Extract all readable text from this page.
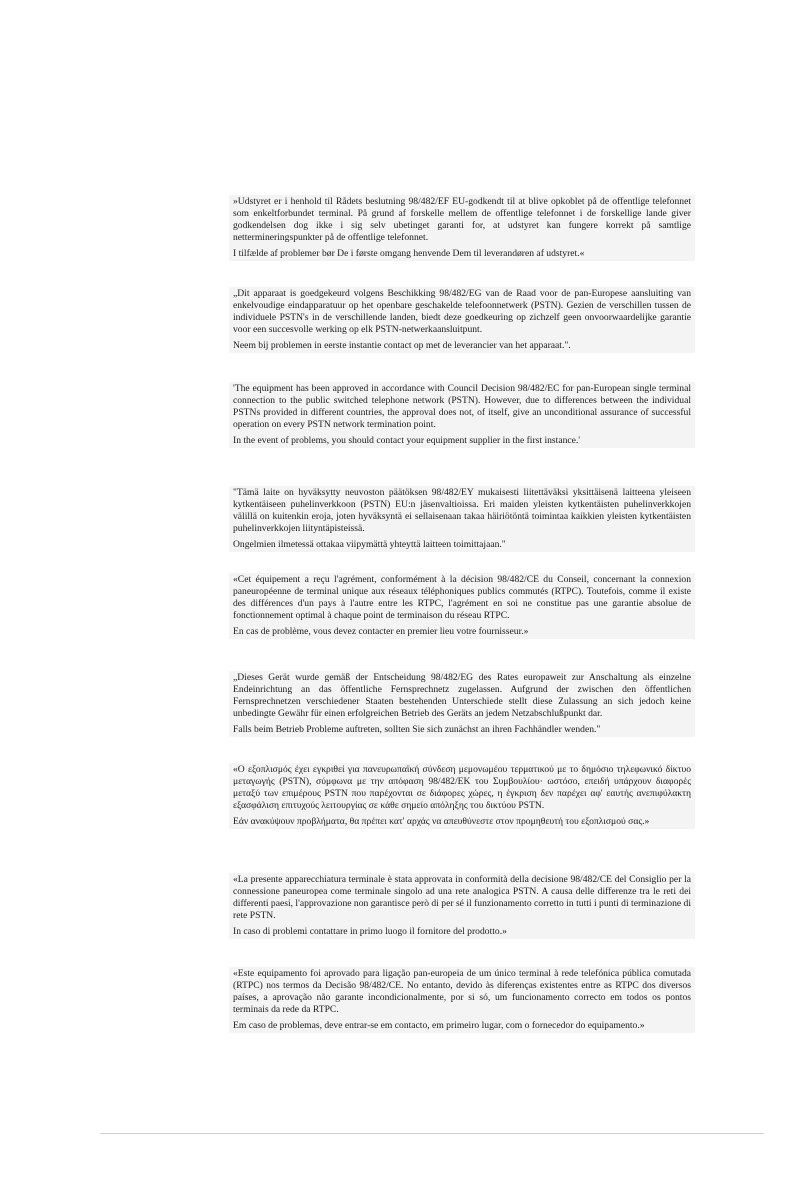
»Udstyret er i henhold til Rådets beslutning 98/482/EF EU-godkendt til at blive opkoblet på de offentlige telefonnet som enkeltforbundet terminal. På grund af forskelle mellem de offentlige telefonnet i de forskellige lande giver godkendelsen dog ikke i sig selv ubetinget garanti for, at udstyret kan fungere korrekt på samtlige nettermineringspunkter på de offentlige telefonnet.

I tilfælde af problemer bør De i første omgang henvende Dem til leverandøren af udstyret.«

„Dit apparaat is goedgekeurd volgens Beschikking 98/482/EG van de Raad voor de pan-Europese aansluiting van enkelvoudige eindapparatuur op het openbare geschakelde telefoonnetwerk (PSTN). Gezien de verschillen tussen de individuele PSTN's in de verschillende landen, biedt deze goedkeuring op zichzelf geen onvoorwaardelijke garantie voor een succesvolle werking op elk PSTN-netwerkaansluitpunt.

Neem bij problemen in eerste instantie contact op met de leverancier van het apparaat.".

'The equipment has been approved in accordance with Council Decision 98/482/EC for pan-European single terminal connection to the public switched telephone network (PSTN). However, due to differences between the individual PSTNs provided in different countries, the approval does not, of itself, give an unconditional assurance of successful operation on every PSTN network termination point.

In the event of problems, you should contact your equipment supplier in the first instance.'

"Tämä laite on hyväksytty neuvoston päätöksen 98/482/EY mukaisesti liitettäväksi yksittäisenä laitteena yleiseen kytkentäiseen puhelinverkkoon (PSTN) EU:n jäsenvaltioissa. Eri maiden yleisten kytkentäisten puhelinverkkojen välillä on kuitenkin eroja, joten hyväksyntä ei sellaisenaan takaa häiriötöntä toimintaa kaikkien yleisten kytkentäisten puhelinverkkojen liityntäpisteissä.

Ongelmien ilmetessä ottakaa viipymättä yhteyttä laitteen toimittajaan."

«Cet équipement a reçu l'agrément, conformément à la décision 98/482/CE du Conseil, concernant la connexion paneuropéenne de terminal unique aux réseaux téléphoniques publics commutés (RTPC). Toutefois, comme il existe des différences d'un pays à l'autre entre les RTPC, l'agrément en soi ne constitue pas une garantie absolue de fonctionnement optimal à chaque point de terminaison du réseau RTPC.

En cas de problème, vous devez contacter en premier lieu votre fournisseur.»

„Dieses Gerät wurde gemäß der Entscheidung 98/482/EG des Rates europaweit zur Anschaltung als einzelne Endeinrichtung an das öffentliche Fernsprechnetz zugelassen. Aufgrund der zwischen den öffentlichen Fernsprechnetzen verschiedener Staaten bestehenden Unterschiede stellt diese Zulassung an sich jedoch keine unbedingte Gewähr für einen erfolgreichen Betrieb des Geräts an jedem Netzabschlußpunkt dar.

Falls beim Betrieb Probleme auftreten, sollten Sie sich zunächst an ihren Fachhändler wenden."

«Ο εξοπλισμός έχει εγκριθεί για πανευρωπαϊκή σύνδεση μεμονωμέου τερματικού με το δημόσιο τηλεφωνικό δίκτυο μεταγωγής (PSTN), σύμφωνα με την απόφαση 98/482/ΕΚ του Συμβουλίου· ωστόσο, επειδή υπάρχουν διαφορές μεταξύ των επιμέρους PSTN που παρέχονται σε διάφορες χώρες, η έγκριση δεν παρέχει αφ' εαυτής ανεπιφύλακτη εξασφάλιση επιτυχούς λειτουργίας σε κάθε σημείο απόληξης του δικτύου PSTN.

Εάν ανακύψουν προβλήματα, θα πρέπει κατ' αρχάς να απευθύνεστε στον προμηθευτή του εξοπλισμού σας.»

«La presente apparecchiatura terminale è stata approvata in conformità della decisione 98/482/CE del Consiglio per la connessione paneuropea come terminale singolo ad una rete analogica PSTN. A causa delle differenze tra le reti dei differenti paesi, l'approvazione non garantisce però di per sé il funzionamento corretto in tutti i punti di terminazione di rete PSTN.

In caso di problemi contattare in primo luogo il fornitore del prodotto.»

«Este equipamento foi aprovado para ligação pan-europeia de um único terminal à rede telefónica pública comutada (RTPC) nos termos da Decisão 98/482/CE. No entanto, devido às diferenças existentes entre as RTPC dos diversos países, a aprovação não garante incondicionalmente, por si só, um funcionamento correcto em todos os pontos terminais da rede da RTPC.

Em caso de problemas, deve entrar-se em contacto, em primeiro lugar, com o fornecedor do equipamento.»
